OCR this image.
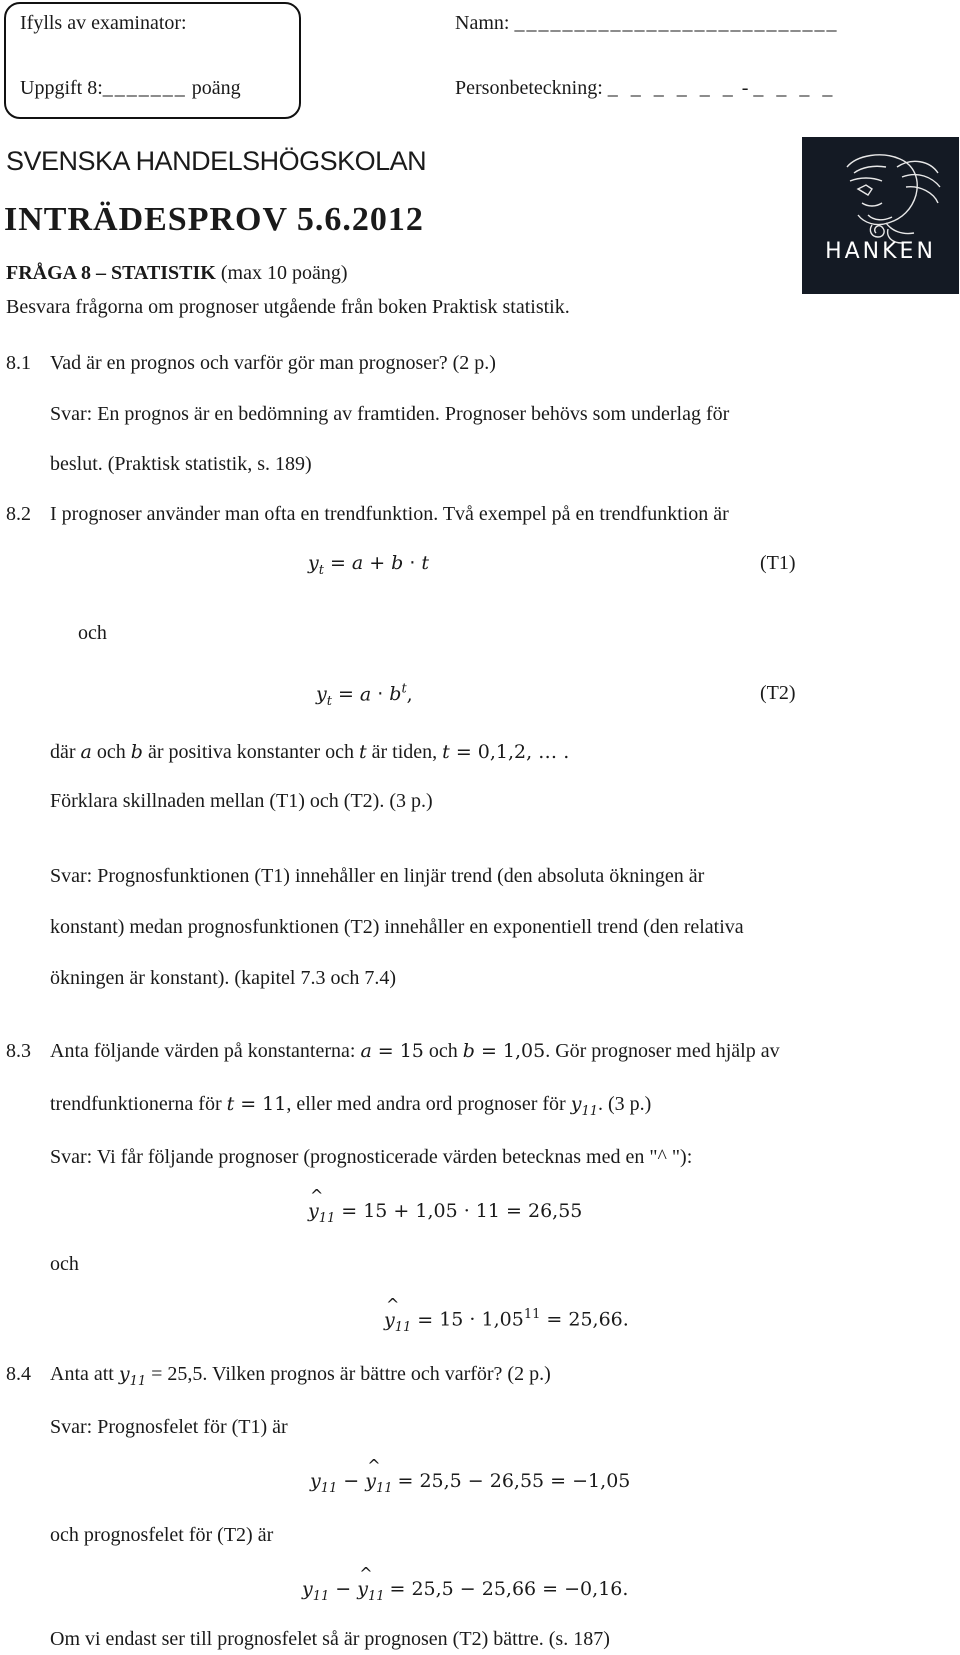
Ifylls av examinator:
Uppgift 8:_______ poäng
Namn: ___________________________
Personbeteckning: _ _ _ _ _ _ - _ _ _ _
HANKEN
SVENSKA HANDELSHÖGSKOLAN
INTRÄDESPROV 5.6.2012
FRÅGA 8 – STATISTIK (max 10 poäng)
Besvara frågorna om prognoser utgående från boken Praktisk statistik.
8.1 Vad är en prognos och varför gör man prognoser? (2 p.)
Svar: En prognos är en bedömning av framtiden. Prognoser behövs som underlag för
beslut. (Praktisk statistik, s. 189)
8.2 I prognoser använder man ofta en trendfunktion. Två exempel på en trendfunktion är
$y_t = a + b \cdot t$	(T1)
och
$y_t = a \cdot b^t$,	(T2)
där a och b är positiva konstanter och t är tiden, t = 0,1,2, … .
Förklara skillnaden mellan (T1) och (T2). (3 p.)
Svar: Prognosfunktionen (T1) innehåller en linjär trend (den absoluta ökningen är
konstant) medan prognosfunktionen (T2) innehåller en exponentiell trend (den relativa
ökningen är konstant). (kapitel 7.3 och 7.4)
8.3 Anta följande värden på konstanterna: a = 15 och b = 1,05. Gör prognoser med hjälp av
trendfunktionerna för t = 11, eller med andra ord prognoser för $y_{11}$. (3 p.)
Svar: Vi får följande prognoser (prognosticerade värden betecknas med en "^ "):
^ $y_{11} = 15 + 1,05 \cdot 11 = 26,55$
och
^ $y_{11} = 15 \cdot 1,05^{11} = 25,66$.
8.4 Anta att $y_{11} = 25,5$. Vilken prognos är bättre och varför? (2 p.)
Svar: Prognosfelet för (T1) är
$y_{11}$ − ^ $y_{11} = 25,5 - 26,55 = -1,05$
och prognosfelet för (T2) är
$y_{11}$ − ^ $y_{11} = 25,5 - 25,66 = -0,16$.
Om vi endast ser till prognosfelet så är prognosen (T2) bättre. (s. 187)
